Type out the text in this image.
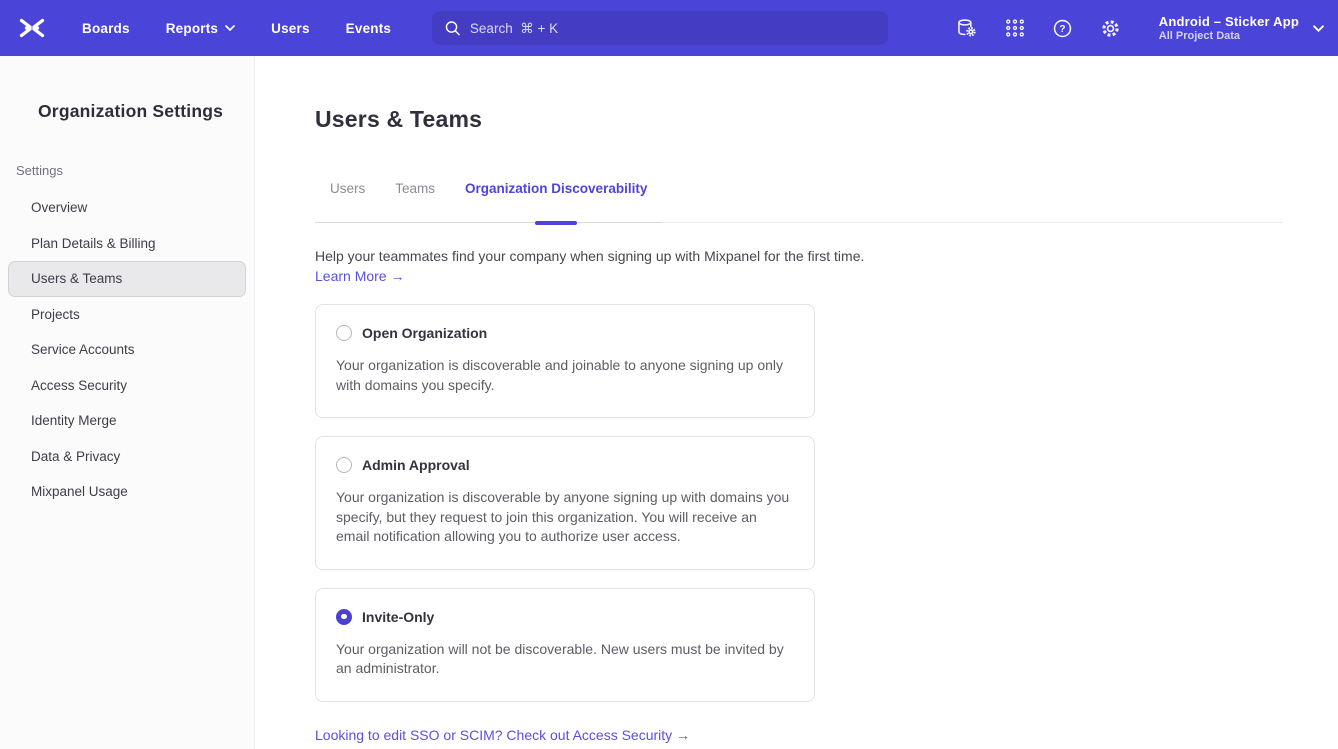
Boards	Reports	Users	Events
Search ⌘ + K	?
Android – Sticker App
All Project Data
Organization Settings
Settings
Overview
Plan Details & Billing
Users & Teams
Projects
Service Accounts
Access Security
Identity Merge
Data & Privacy
Mixpanel Usage
Users & Teams
Users	Teams	Organization Discoverability

Help your teammates find your company when signing up with Mixpanel for the first time.

Learn More →
Open Organization

Your organization is discoverable and joinable to anyone signing up only with domains you specify.

Admin Approval

Your organization is discoverable by anyone signing up with domains you specify, but they request to join this organization. You will receive an email notification allowing you to authorize user access.

Invite-Only

Your organization will not be discoverable. New users must be invited by an administrator.

Looking to edit SSO or SCIM? Check out Access Security →
